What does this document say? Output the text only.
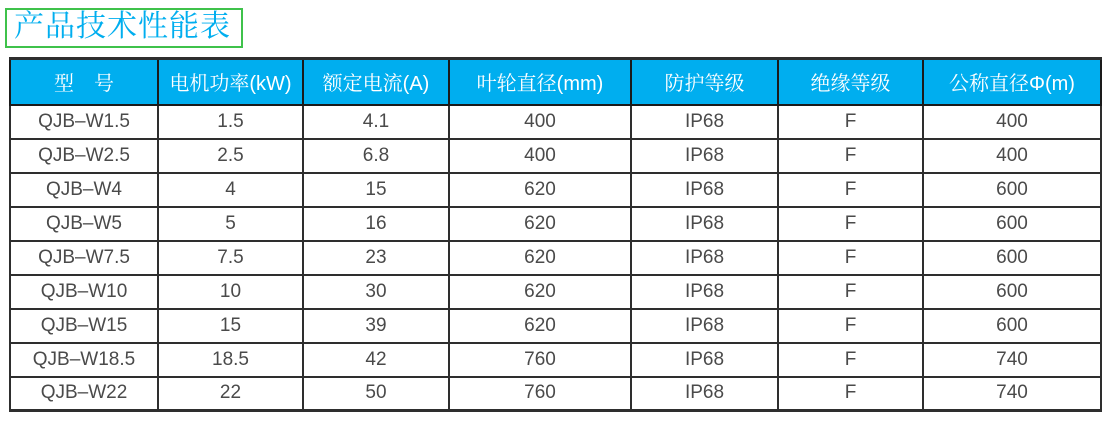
产品技术性能表
型　号	电机功率(kW)	额定电流(A)	叶轮直径(mm)	防护等级	绝缘等级	公称直径Φ(m)
QJB–W1.5	1.5	4.1	400	IP68	F	400
QJB–W2.5	2.5	6.8	400	IP68	F	400
QJB–W4	4	15	620	IP68	F	600
QJB–W5	5	16	620	IP68	F	600
QJB–W7.5	7.5	23	620	IP68	F	600
QJB–W10	10	30	620	IP68	F	600
QJB–W15	15	39	620	IP68	F	600
QJB–W18.5	18.5	42	760	IP68	F	740
QJB–W22	22	50	760	IP68	F	740
